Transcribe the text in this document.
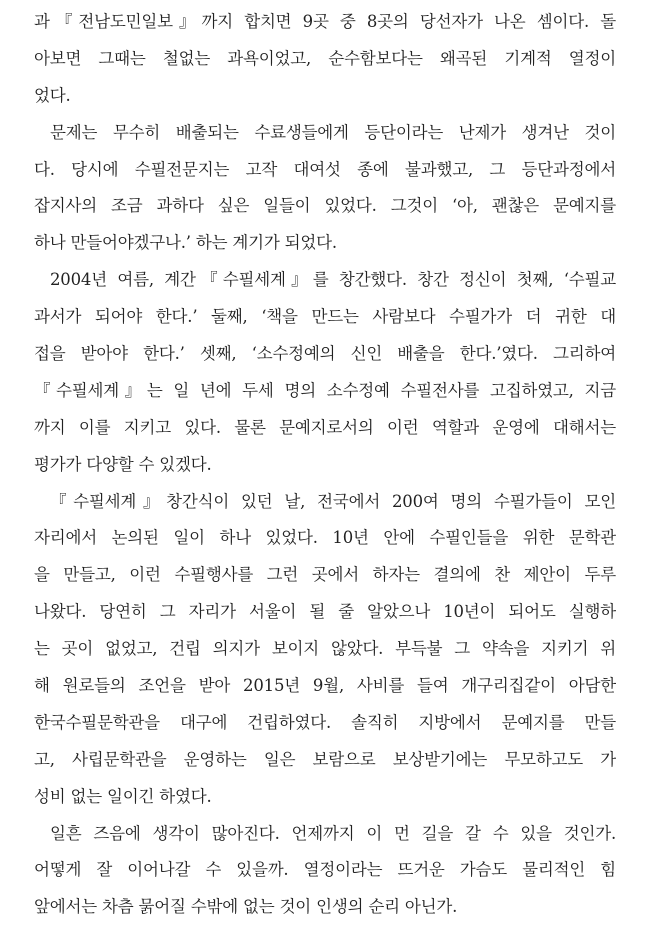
과『전남도민일보』까지 합치면 9곳 중 8곳의 당선자가 나온 셈이다. 돌
아보면 그때는 철없는 과욕이었고, 순수함보다는 왜곡된 기계적 열정이
었다.
문제는 무수히 배출되는 수료생들에게 등단이라는 난제가 생겨난 것이
다. 당시에 수필전문지는 고작 대여섯 종에 불과했고, 그 등단과정에서
잡지사의 조금 과하다 싶은 일들이 있었다. 그것이 ‘아, 괜찮은 문예지를
하나 만들어야겠구나.’ 하는 계기가 되었다.
2004년 여름, 계간『수필세계』를 창간했다. 창간 정신이 첫째, ‘수필교
과서가 되어야 한다.’ 둘째, ‘책을 만드는 사람보다 수필가가 더 귀한 대
접을 받아야 한다.’ 셋째, ‘소수정예의 신인 배출을 한다.’였다. 그리하여
『수필세계』는 일 년에 두세 명의 소수정예 수필전사를 고집하였고, 지금
까지 이를 지키고 있다. 물론 문예지로서의 이런 역할과 운영에 대해서는
평가가 다양할 수 있겠다.
『수필세계』창간식이 있던 날, 전국에서 200여 명의 수필가들이 모인
자리에서 논의된 일이 하나 있었다. 10년 안에 수필인들을 위한 문학관
을 만들고, 이런 수필행사를 그런 곳에서 하자는 결의에 찬 제안이 두루
나왔다. 당연히 그 자리가 서울이 될 줄 알았으나 10년이 되어도 실행하
는 곳이 없었고, 건립 의지가 보이지 않았다. 부득불 그 약속을 지키기 위
해 원로들의 조언을 받아 2015년 9월, 사비를 들여 개구리집같이 아담한
한국수필문학관을 대구에 건립하였다. 솔직히 지방에서 문예지를 만들
고, 사립문학관을 운영하는 일은 보람으로 보상받기에는 무모하고도 가
성비 없는 일이긴 하였다.
일흔 즈음에 생각이 많아진다. 언제까지 이 먼 길을 갈 수 있을 것인가.
어떻게 잘 이어나갈 수 있을까. 열정이라는 뜨거운 가슴도 물리적인 힘
앞에서는 차츰 묽어질 수밖에 없는 것이 인생의 순리 아닌가.
